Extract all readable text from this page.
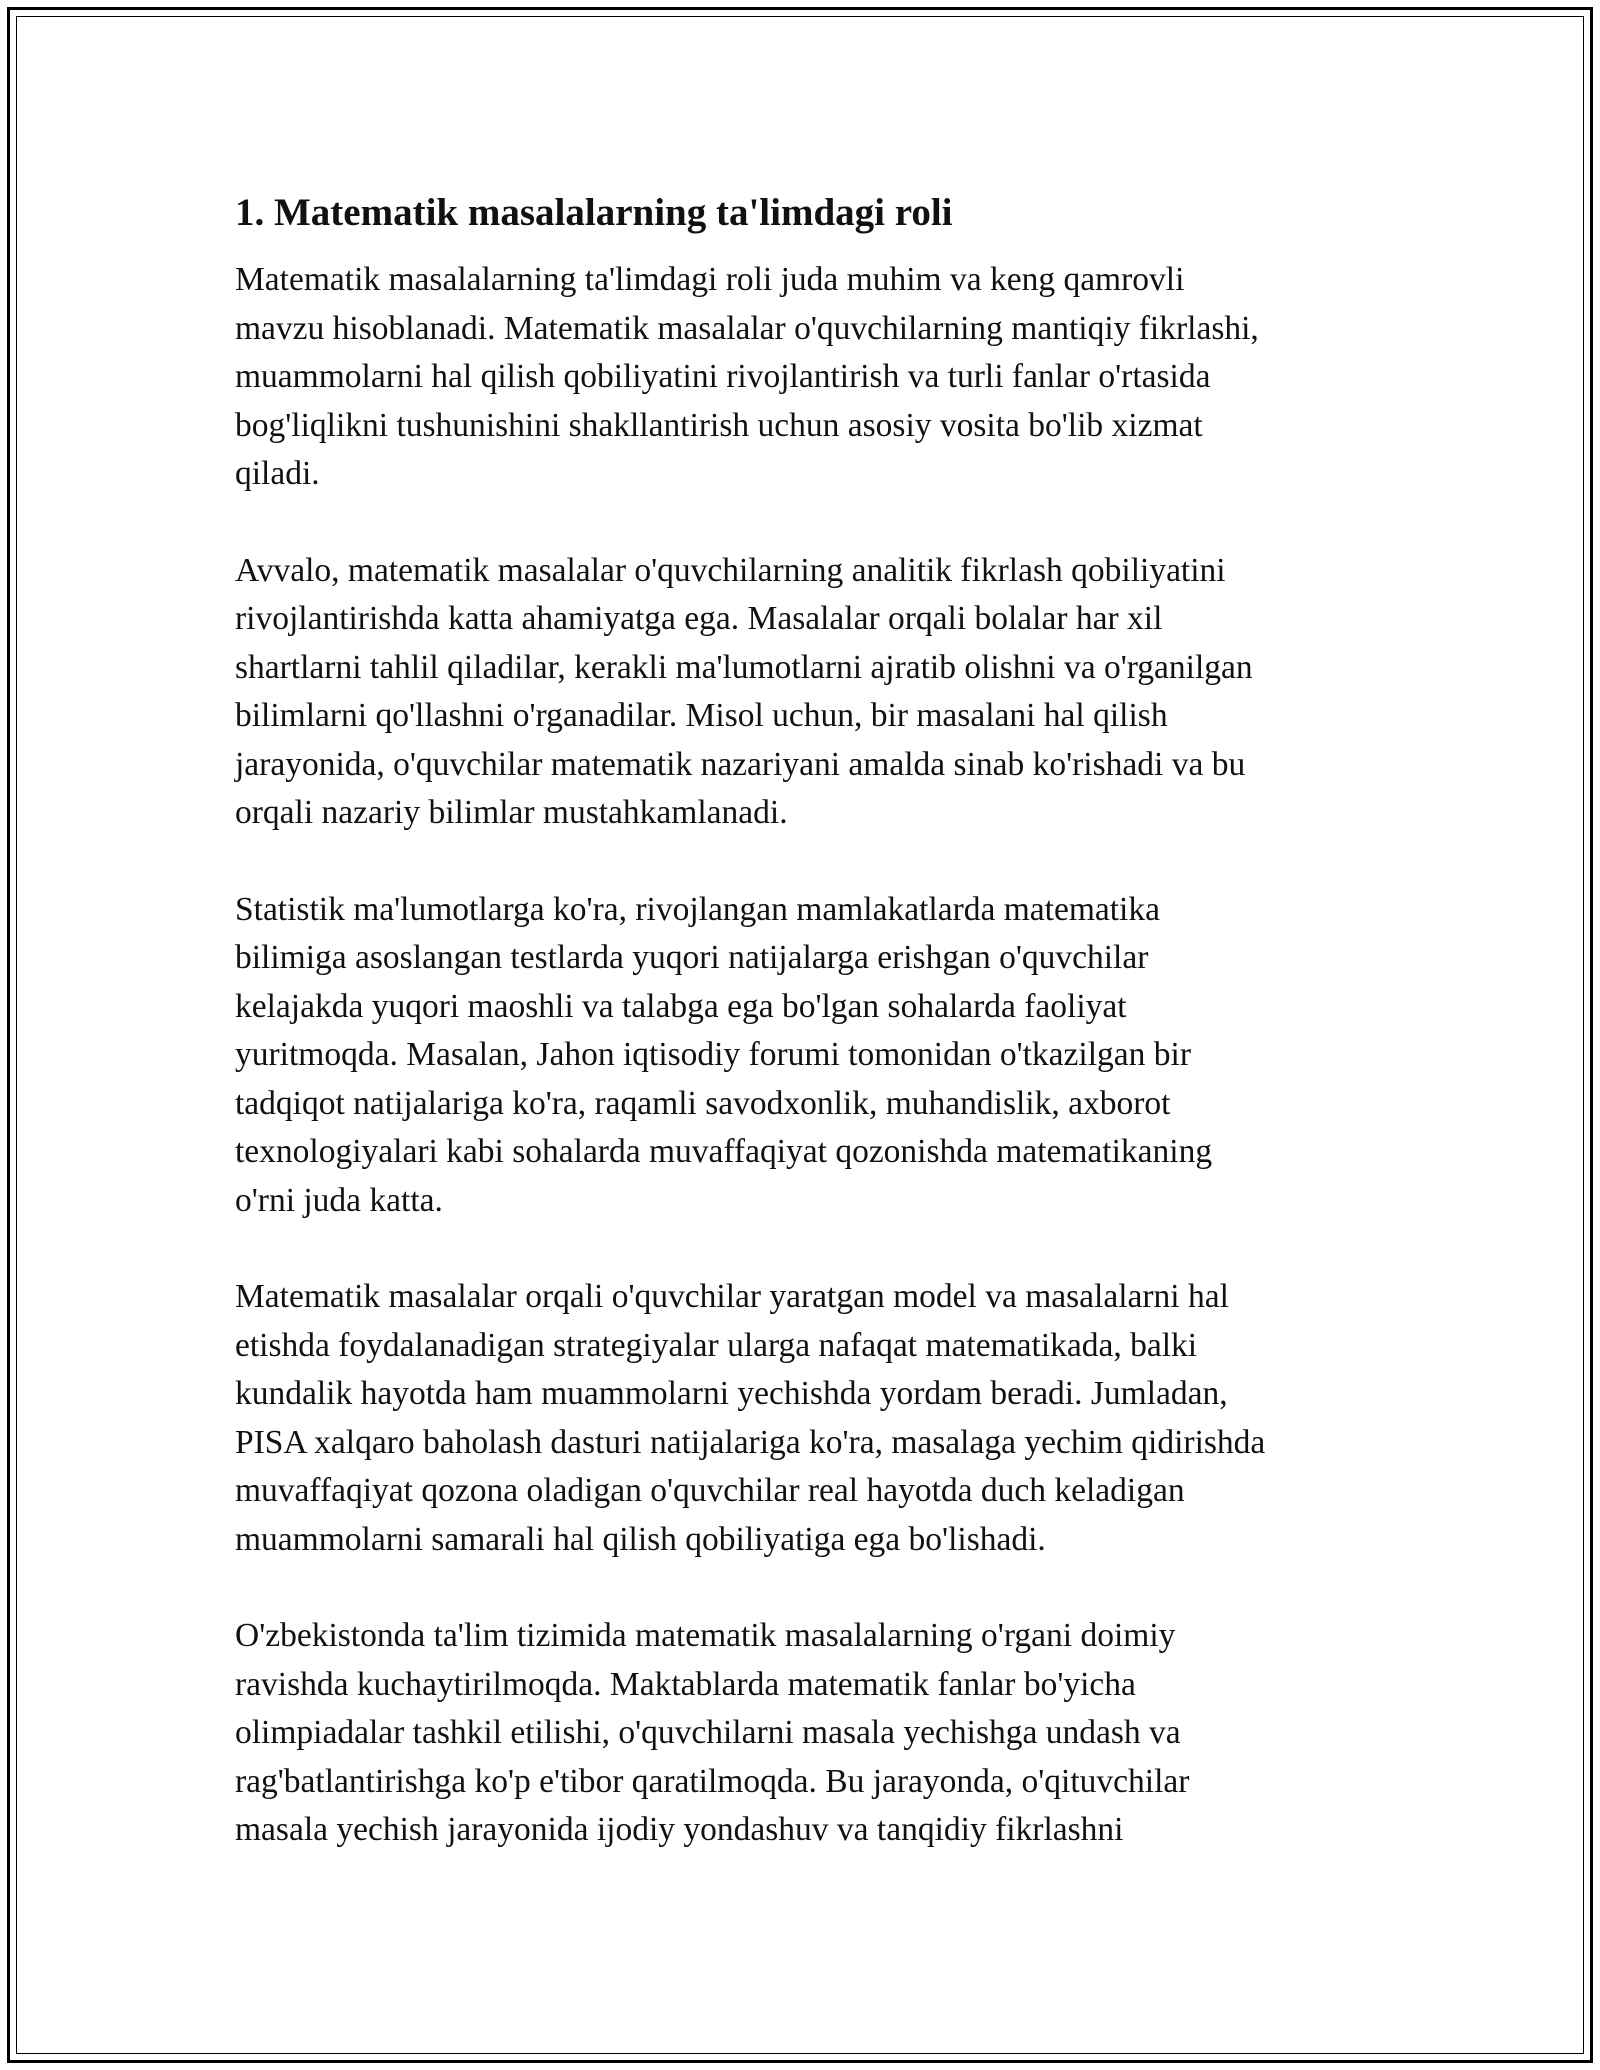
1. Matematik masalalarning ta'limdagi roli
Matematik masalalarning ta'limdagi roli juda muhim va keng qamrovli
mavzu hisoblanadi. Matematik masalalar o'quvchilarning mantiqiy fikrlashi,
muammolarni hal qilish qobiliyatini rivojlantirish va turli fanlar o'rtasida
bog'liqlikni tushunishini shakllantirish uchun asosiy vosita bo'lib xizmat
qiladi.
Avvalo, matematik masalalar o'quvchilarning analitik fikrlash qobiliyatini
rivojlantirishda katta ahamiyatga ega. Masalalar orqali bolalar har xil
shartlarni tahlil qiladilar, kerakli ma'lumotlarni ajratib olishni va o'rganilgan
bilimlarni qo'llashni o'rganadilar. Misol uchun, bir masalani hal qilish
jarayonida, o'quvchilar matematik nazariyani amalda sinab ko'rishadi va bu
orqali nazariy bilimlar mustahkamlanadi.
Statistik ma'lumotlarga ko'ra, rivojlangan mamlakatlarda matematika
bilimiga asoslangan testlarda yuqori natijalarga erishgan o'quvchilar
kelajakda yuqori maoshli va talabga ega bo'lgan sohalarda faoliyat
yuritmoqda. Masalan, Jahon iqtisodiy forumi tomonidan o'tkazilgan bir
tadqiqot natijalariga ko'ra, raqamli savodxonlik, muhandislik, axborot
texnologiyalari kabi sohalarda muvaffaqiyat qozonishda matematikaning
o'rni juda katta.
Matematik masalalar orqali o'quvchilar yaratgan model va masalalarni hal
etishda foydalanadigan strategiyalar ularga nafaqat matematikada, balki
kundalik hayotda ham muammolarni yechishda yordam beradi. Jumladan,
PISA xalqaro baholash dasturi natijalariga ko'ra, masalaga yechim qidirishda
muvaffaqiyat qozona oladigan o'quvchilar real hayotda duch keladigan
muammolarni samarali hal qilish qobiliyatiga ega bo'lishadi.
O'zbekistonda ta'lim tizimida matematik masalalarning o'rgani doimiy
ravishda kuchaytirilmoqda. Maktablarda matematik fanlar bo'yicha
olimpiadalar tashkil etilishi, o'quvchilarni masala yechishga undash va
rag'batlantirishga ko'p e'tibor qaratilmoqda. Bu jarayonda, o'qituvchilar
masala yechish jarayonida ijodiy yondashuv va tanqidiy fikrlashni
